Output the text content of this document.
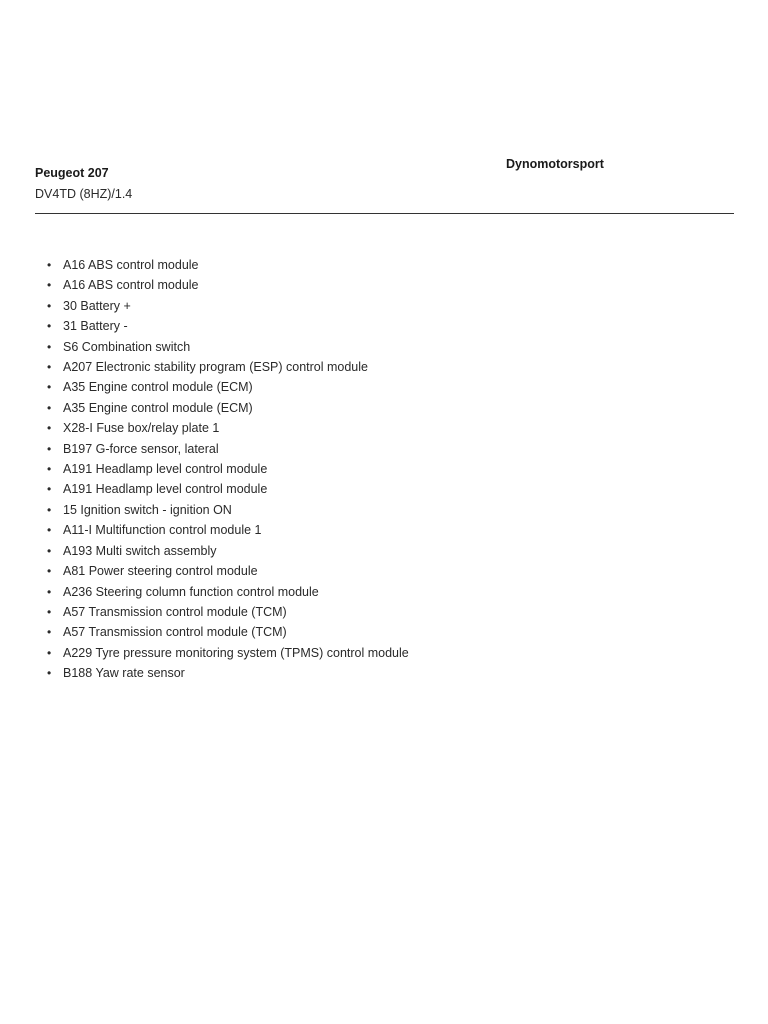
Peugeot 207
DV4TD (8HZ)/1.4
Dynomotorsport
• A16 ABS control module
• A16 ABS control module
• 30 Battery +
• 31 Battery -
• S6 Combination switch
• A207 Electronic stability program (ESP) control module
• A35 Engine control module (ECM)
• A35 Engine control module (ECM)
• X28-I Fuse box/relay plate 1
• B197 G-force sensor, lateral
• A191 Headlamp level control module
• A191 Headlamp level control module
• 15 Ignition switch - ignition ON
• A11-I Multifunction control module 1
• A193 Multi switch assembly
• A81 Power steering control module
• A236 Steering column function control module
• A57 Transmission control module (TCM)
• A57 Transmission control module (TCM)
• A229 Tyre pressure monitoring system (TPMS) control module
• B188 Yaw rate sensor
